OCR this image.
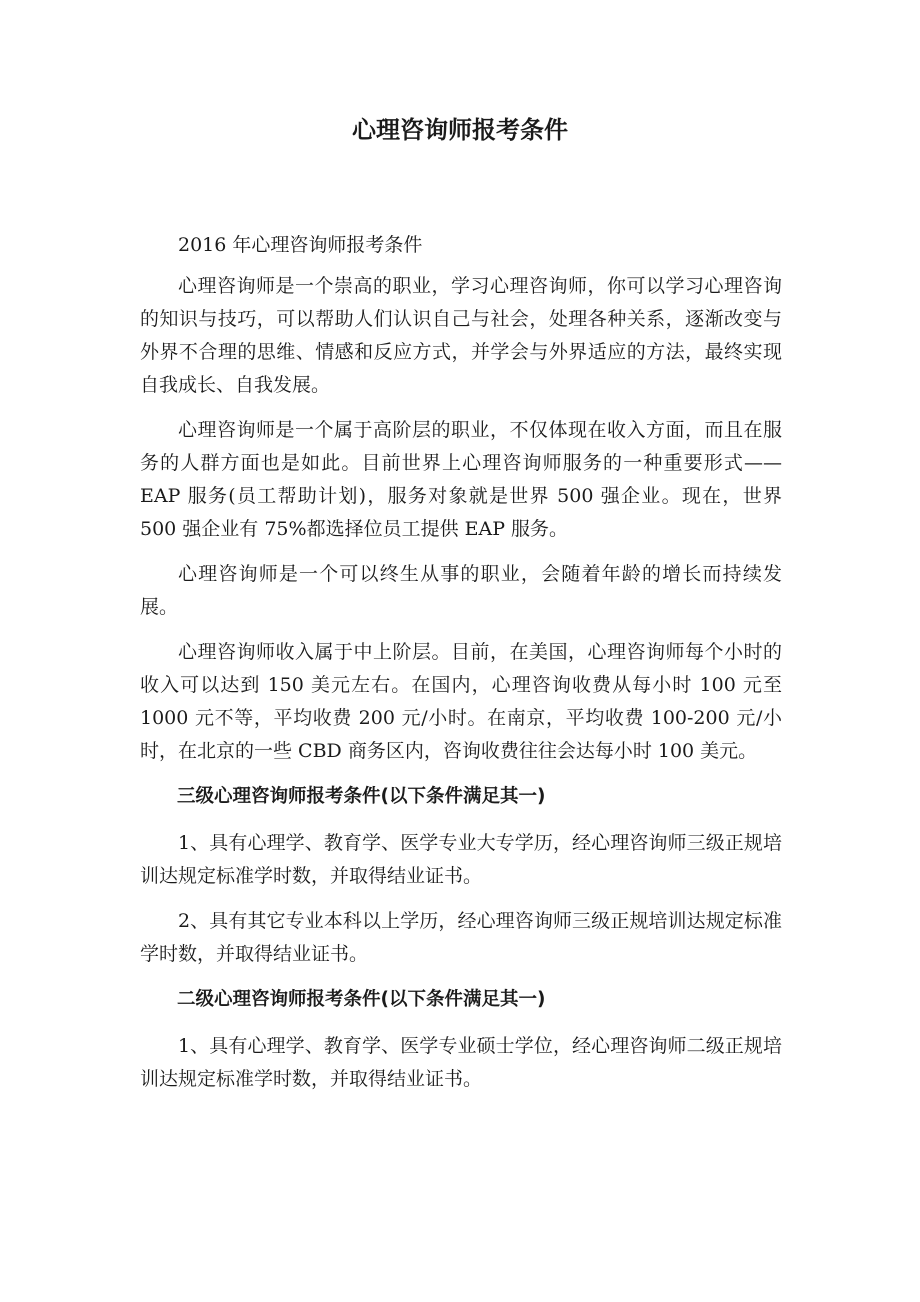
心理咨询师报考条件

2016 年心理咨询师报考条件

心理咨询师是一个崇高的职业，学习心理咨询师，你可以学习心理咨询的知识与技巧，可以帮助人们认识自己与社会，处理各种关系，逐渐改变与外界不合理的思维、情感和反应方式，并学会与外界适应的方法，最终实现自我成长、自我发展。

心理咨询师是一个属于高阶层的职业，不仅体现在收入方面，而且在服务的人群方面也是如此。目前世界上心理咨询师服务的一种重要形式——EAP 服务(员工帮助计划)，服务对象就是世界 500 强企业。现在，世界 500 强企业有 75%都选择位员工提供 EAP 服务。

心理咨询师是一个可以终生从事的职业，会随着年龄的增长而持续发展。

心理咨询师收入属于中上阶层。目前，在美国，心理咨询师每个小时的收入可以达到 150 美元左右。在国内，心理咨询收费从每小时 100 元至 1000 元不等，平均收费 200 元/小时。在南京，平均收费 100-200 元/小时，在北京的一些 CBD 商务区内，咨询收费往往会达每小时 100 美元。

三级心理咨询师报考条件(以下条件满足其一)

1、具有心理学、教育学、医学专业大专学历，经心理咨询师三级正规培训达规定标准学时数，并取得结业证书。

2、具有其它专业本科以上学历，经心理咨询师三级正规培训达规定标准学时数，并取得结业证书。

二级心理咨询师报考条件(以下条件满足其一)

1、具有心理学、教育学、医学专业硕士学位，经心理咨询师二级正规培训达规定标准学时数，并取得结业证书。
